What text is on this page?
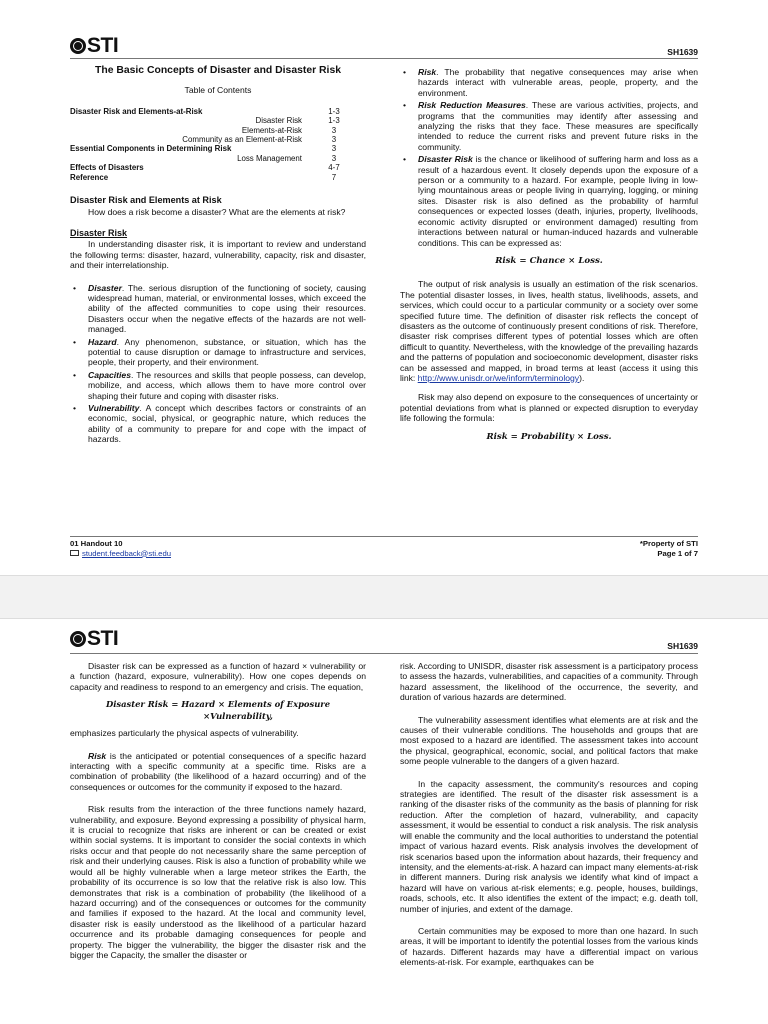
STI	SH1639
The Basic Concepts of Disaster and Disaster Risk
Table of Contents
Disaster Risk and Elements-at-Risk	1-3
Disaster Risk	1-3
Elements-at-Risk	3
Community as an Element-at-Risk	3
Essential Components in Determining Risk	3
Loss Management	3
Effects of Disasters	4-7
Reference	7
Disaster Risk and Elements at Risk

How does a risk become a disaster? What are the elements at risk?

Disaster Risk

In understanding disaster risk, it is important to review and understand the following terms: disaster, hazard, vulnerability, capacity, risk and disaster, and their interrelationship.

• Disaster. The. serious disruption of the functioning of society, causing widespread human, material, or environmental losses, which exceed the ability of the affected communities to cope using their resources. Disasters occur when the negative effects of the hazards are not well-managed.
• Hazard. Any phenomenon, substance, or situation, which has the potential to cause disruption or damage to infrastructure and services, people, their property, and their environment.
• Capacities. The resources and skills that people possess, can develop, mobilize, and access, which allows them to have more control over shaping their future and coping with disaster risks.
• Vulnerability. A concept which describes factors or constraints of an economic, social, physical, or geographic nature, which reduces the ability of a community to prepare for and cope with the impact of hazards.
• Risk. The probability that negative consequences may arise when hazards interact with vulnerable areas, people, property, and the environment.
• Risk Reduction Measures. These are various activities, projects, and programs that the communities may identify after assessing and analyzing the risks that they face. These measures are specifically intended to reduce the current risks and prevent future risks in the community.
• Disaster Risk is the chance or likelihood of suffering harm and loss as a result of a hazardous event. It closely depends upon the exposure of a person or a community to a hazard. For example, people living in low-lying mountainous areas or people living in quarrying, logging, or mining sites. Disaster risk is also defined as the probability of harmful consequences or expected losses (death, injuries, property, livelihoods, economic activity disrupted or environment damaged) resulting from interactions between natural or human-induced hazards and vulnerable conditions. This can be expressed as:
Risk = Chance × Loss.

The output of risk analysis is usually an estimation of the risk scenarios. The potential disaster losses, in lives, health status, livelihoods, assets, and services, which could occur to a particular community or a society over some specified future time. The definition of disaster risk reflects the concept of disasters as the outcome of continuously present conditions of risk. Therefore, disaster risk comprises different types of potential losses which are often difficult to quantity. Nevertheless, with the knowledge of the prevailing hazards and the patterns of population and socioeconomic development, disaster risks can be assessed and mapped, in broad terms at least (access it using this link: http://www.unisdr.or/we/inform/terminology).

Risk may also depend on exposure to the consequences of uncertainty or potential deviations from what is planned or expected disruption to everyday life following the formula:

Risk = Probability × Loss.
01 Handout 10
student.feedback@sti.edu
*Property of STI
Page 1 of 7
STI	SH1639

Disaster risk can be expressed as a function of hazard × vulnerability or a function (hazard, exposure, vulnerability). How one copes depends on capacity and readiness to respond to an emergency and crisis. The equation,

Disaster Risk = Hazard × Elements of Exposure
×Vulnerability,

emphasizes particularly the physical aspects of vulnerability.

Risk is the anticipated or potential consequences of a specific hazard interacting with a specific community at a specific time. Risks are a combination of probability (the likelihood of a hazard occurring) and of the consequences or outcomes for the community if exposed to the hazard.

Risk results from the interaction of the three functions namely hazard, vulnerability, and exposure. Beyond expressing a possibility of physical harm, it is crucial to recognize that risks are inherent or can be created or exist within social systems. It is important to consider the social contexts in which risks occur and that people do not necessarily share the same perception of risk and their underlying causes. Risk is also a function of probability while we would all be highly vulnerable when a large meteor strikes the Earth, the probability of its occurrence is so low that the relative risk is also low. This demonstrates that risk is a combination of probability (the likelihood of a hazard occurring) and of the consequences or outcomes for the community and families if exposed to the hazard. At the local and community level, disaster risk is easily understood as the likelihood of a particular hazard occurrence and its probable damaging consequences for people and property. The bigger the vulnerability, the bigger the disaster risk and the bigger the Capacity, the smaller the disaster or

risk. According to UNISDR, disaster risk assessment is a participatory process to assess the hazards, vulnerabilities, and capacities of a community. Through hazard assessment, the likelihood of the occurrence, the severity, and duration of various hazards are determined.

The vulnerability assessment identifies what elements are at risk and the causes of their vulnerable conditions. The households and groups that are most exposed to a hazard are identified. The assessment takes into account the physical, geographical, economic, social, and political factors that make some people vulnerable to the dangers of a given hazard.

In the capacity assessment, the community's resources and coping strategies are identified. The result of the disaster risk assessment is a ranking of the disaster risks of the community as the basis of planning for risk reduction. After the completion of hazard, vulnerability, and capacity assessment, it would be essential to conduct a risk analysis. The risk analysis will enable the community and the local authorities to understand the potential impact of various hazard events. Risk analysis involves the development of risk scenarios based upon the information about hazards, their frequency and intensity, and the elements-at-risk. A hazard can impact many elements-at-risk in different manners. During risk analysis we identify what kind of impact a hazard will have on various at-risk elements; e.g. people, houses, buildings, roads, schools, etc. It also identifies the extent of the impact; e.g. death toll, number of injuries, and extent of the damage.

Certain communities may be exposed to more than one hazard. In such areas, it will be important to identify the potential losses from the various kinds of hazards. Different hazards may have a differential impact on various elements-at-risk. For example, earthquakes can be
